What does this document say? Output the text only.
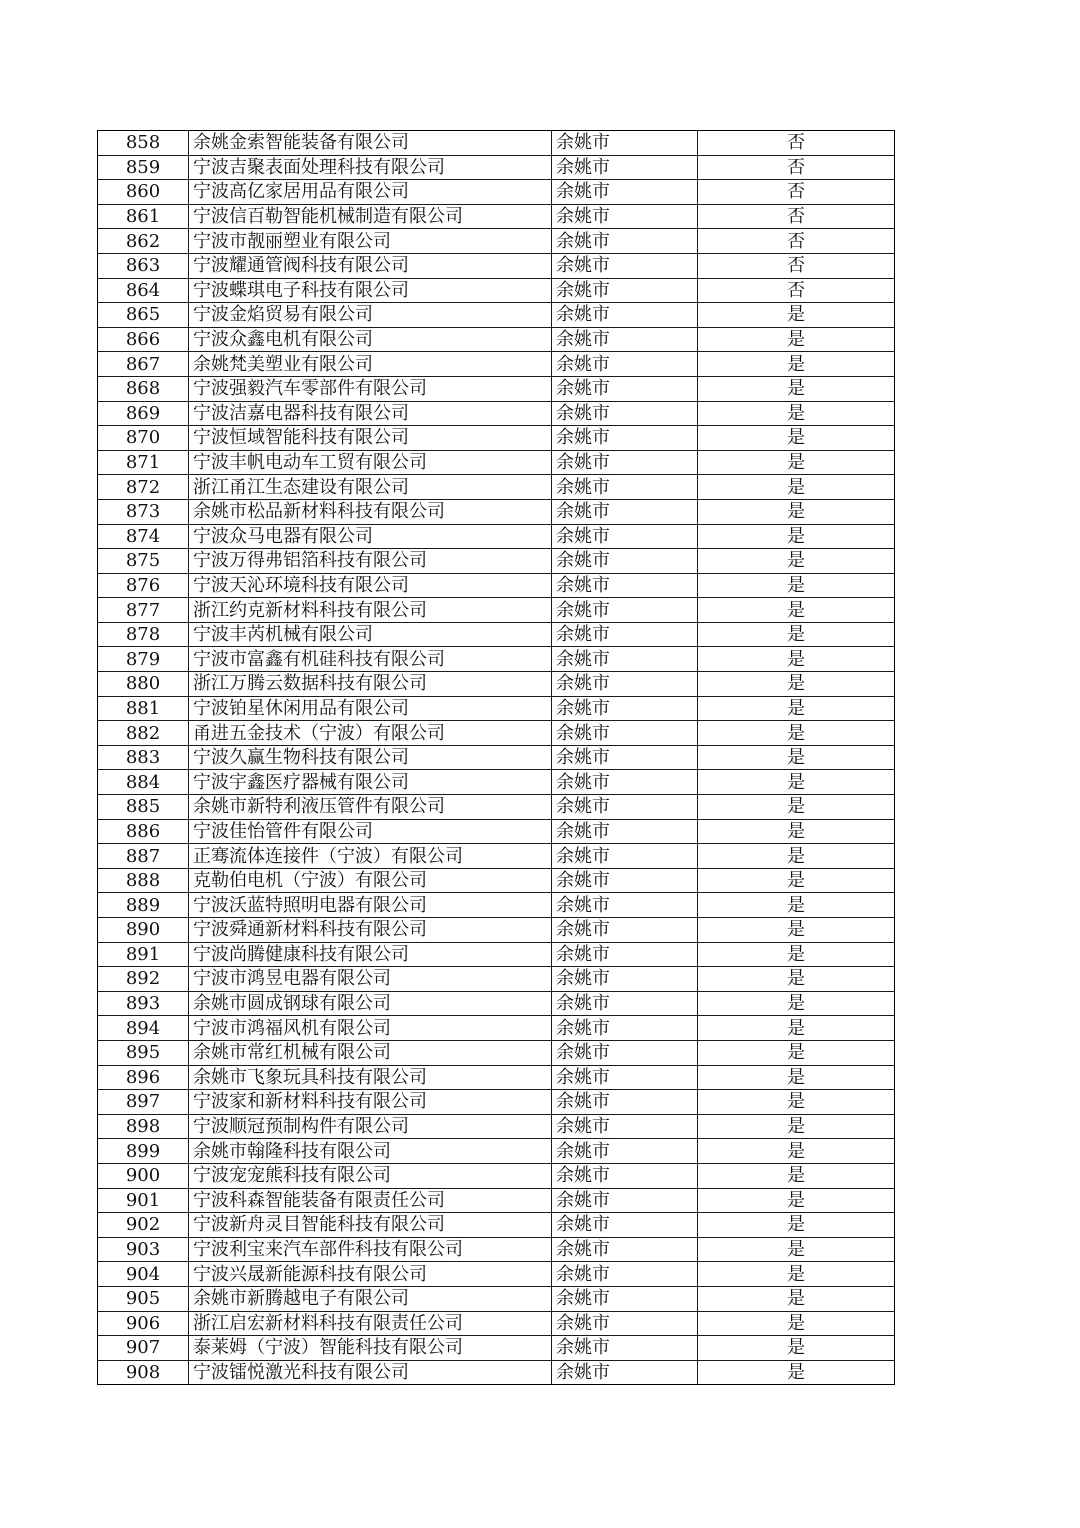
858	余姚金索智能装备有限公司	余姚市	否
859	宁波吉聚表面处理科技有限公司	余姚市	否
860	宁波高亿家居用品有限公司	余姚市	否
861	宁波信百勒智能机械制造有限公司	余姚市	否
862	宁波市靓丽塑业有限公司	余姚市	否
863	宁波耀通管阀科技有限公司	余姚市	否
864	宁波蝶琪电子科技有限公司	余姚市	否
865	宁波金焰贸易有限公司	余姚市	是
866	宁波众鑫电机有限公司	余姚市	是
867	余姚梵美塑业有限公司	余姚市	是
868	宁波强毅汽车零部件有限公司	余姚市	是
869	宁波洁嘉电器科技有限公司	余姚市	是
870	宁波恒域智能科技有限公司	余姚市	是
871	宁波丰帆电动车工贸有限公司	余姚市	是
872	浙江甬江生态建设有限公司	余姚市	是
873	余姚市松品新材料科技有限公司	余姚市	是
874	宁波众马电器有限公司	余姚市	是
875	宁波万得弗铝箔科技有限公司	余姚市	是
876	宁波天沁环境科技有限公司	余姚市	是
877	浙江约克新材料科技有限公司	余姚市	是
878	宁波丰芮机械有限公司	余姚市	是
879	宁波市富鑫有机硅科技有限公司	余姚市	是
880	浙江万腾云数据科技有限公司	余姚市	是
881	宁波铂星休闲用品有限公司	余姚市	是
882	甬进五金技术（宁波）有限公司	余姚市	是
883	宁波久赢生物科技有限公司	余姚市	是
884	宁波宇鑫医疗器械有限公司	余姚市	是
885	余姚市新特利液压管件有限公司	余姚市	是
886	宁波佳怡管件有限公司	余姚市	是
887	正骞流体连接件（宁波）有限公司	余姚市	是
888	克勒伯电机（宁波）有限公司	余姚市	是
889	宁波沃蓝特照明电器有限公司	余姚市	是
890	宁波舜通新材料科技有限公司	余姚市	是
891	宁波尚腾健康科技有限公司	余姚市	是
892	宁波市鸿昱电器有限公司	余姚市	是
893	余姚市圆成钢球有限公司	余姚市	是
894	宁波市鸿福风机有限公司	余姚市	是
895	余姚市常红机械有限公司	余姚市	是
896	余姚市飞象玩具科技有限公司	余姚市	是
897	宁波家和新材料科技有限公司	余姚市	是
898	宁波顺冠预制构件有限公司	余姚市	是
899	余姚市翰隆科技有限公司	余姚市	是
900	宁波宠宠熊科技有限公司	余姚市	是
901	宁波科森智能装备有限责任公司	余姚市	是
902	宁波新舟灵目智能科技有限公司	余姚市	是
903	宁波利宝来汽车部件科技有限公司	余姚市	是
904	宁波兴晟新能源科技有限公司	余姚市	是
905	余姚市新腾越电子有限公司	余姚市	是
906	浙江启宏新材料科技有限责任公司	余姚市	是
907	泰莱姆（宁波）智能科技有限公司	余姚市	是
908	宁波镭悦激光科技有限公司	余姚市	是
